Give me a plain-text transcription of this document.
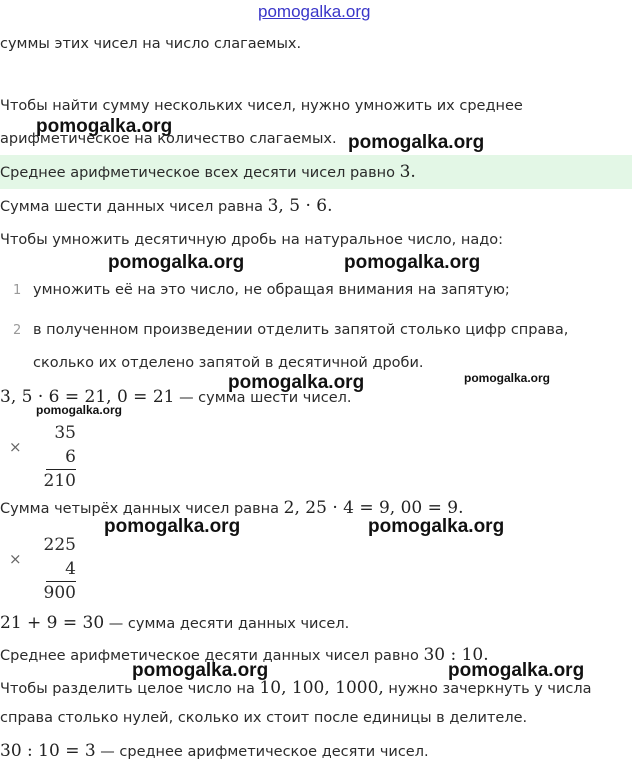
pomogalka.org
суммы этих чисел на число слагаемых.
Чтобы найти сумму нескольких чисел, нужно умножить их среднее
арифметическое на количество слагаемых.
Среднее арифметическое всех десяти чисел равно 3.
Сумма шести данных чисел равна 3, 5 · 6.
Чтобы умножить десятичную дробь на натуральное число, надо:
1 умножить её на это число, не обращая внимания на запятую;
2 в полученном произведении отделить запятой столько цифр справа,
сколько их отделено запятой в десятичной дроби.
3, 5 · 6 = 21, 0 = 21 — сумма шести чисел.
×
35
6
210
Сумма четырёх данных чисел равна 2, 25 · 4 = 9, 00 = 9.
×
225
4
900
21 + 9 = 30 — сумма десяти данных чисел.
Среднее арифметическое десяти данных чисел равно 30 : 10.
Чтобы разделить целое число на 10, 100, 1000, нужно зачеркнуть у числа
справа столько нулей, сколько их стоит после единицы в делителе.
30 : 10 = 3 — среднее арифметическое десяти чисел.
pomogalka.org
pomogalka.org
pomogalka.org	pomogalka.org
pomogalka.org	pomogalka.org
pomogalka.org
pomogalka.org	pomogalka.org
pomogalka.org	pomogalka.org
